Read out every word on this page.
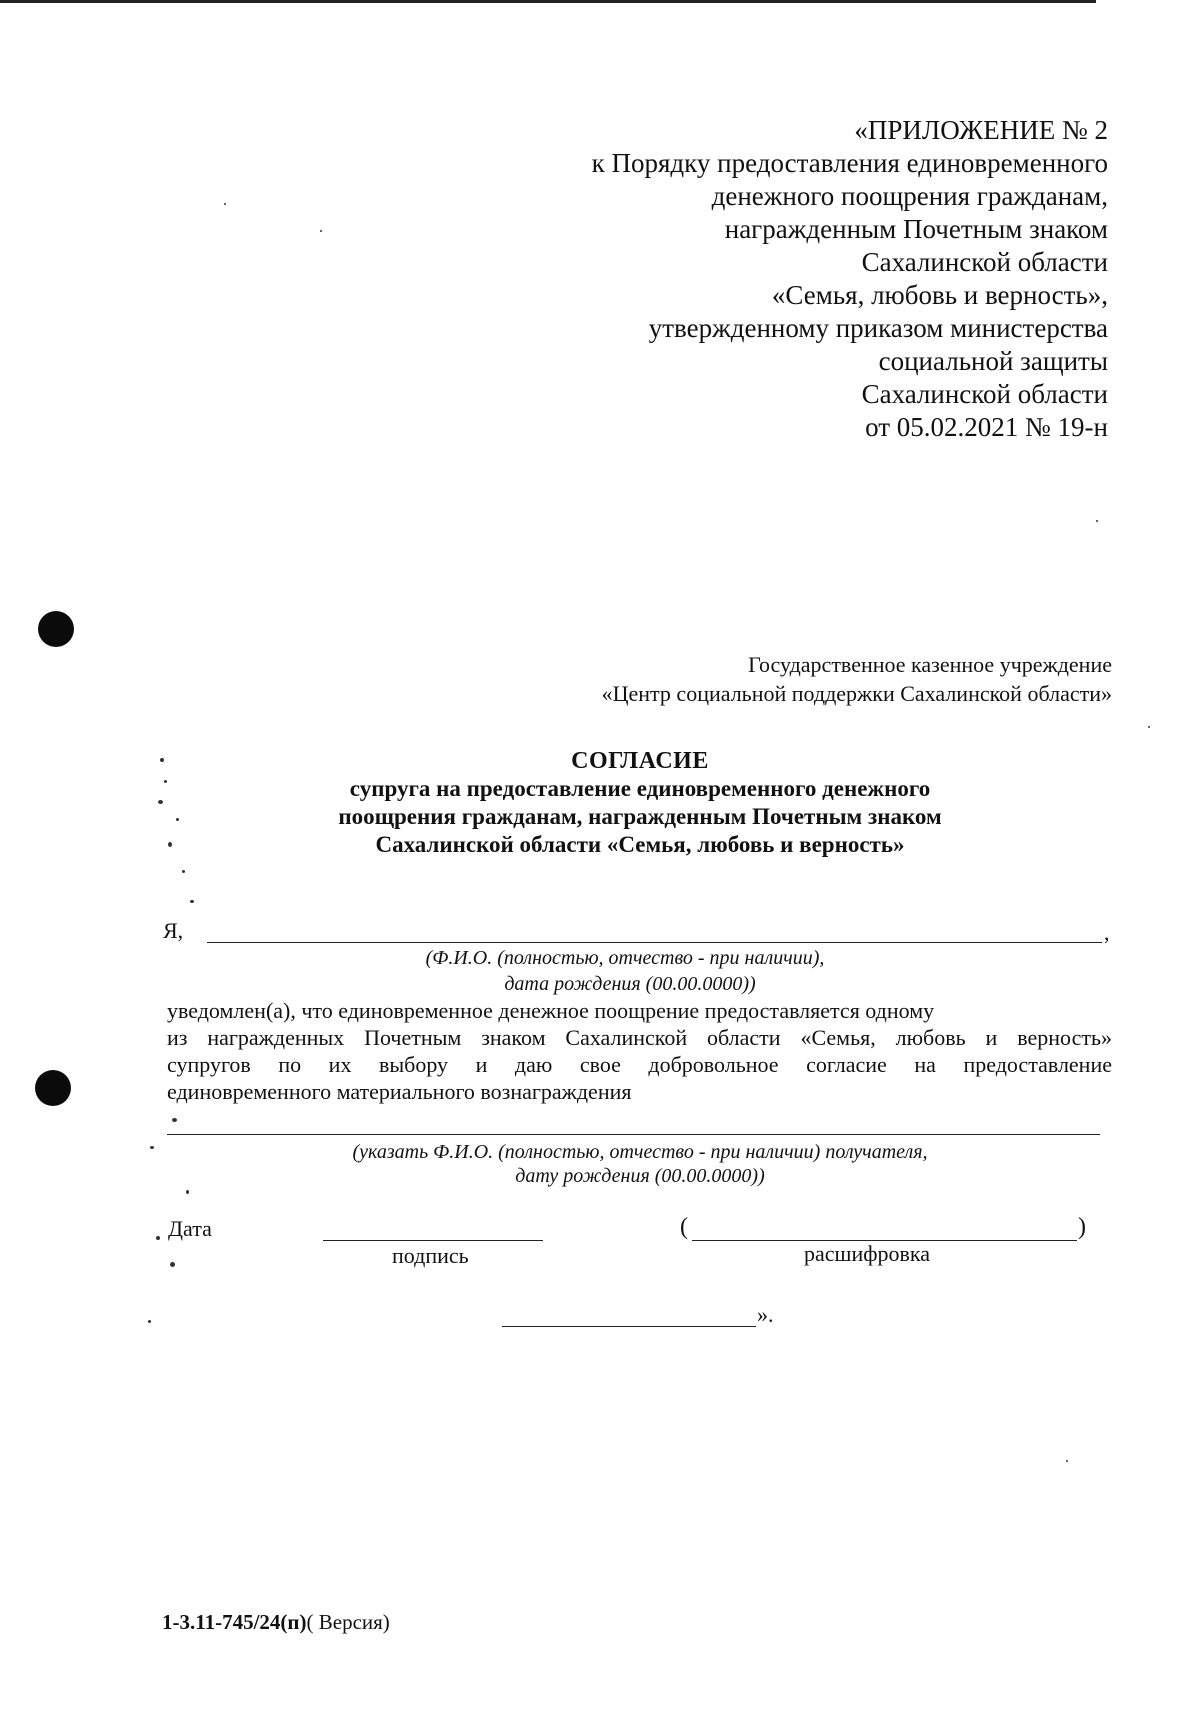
«ПРИЛОЖЕНИЕ № 2
к Порядку предоставления единовременного
денежного поощрения гражданам,
награжденным Почетным знаком
Сахалинской области
«Семья, любовь и верность»,
утвержденному приказом министерства
социальной защиты
Сахалинской области
от 05.02.2021 № 19-н
Государственное казенное учреждение
«Центр социальной поддержки Сахалинской области»
СОГЛАСИЕ
супруга на предоставление единовременного денежного
поощрения гражданам, награжденным Почетным знаком
Сахалинской области «Семья, любовь и верность»
Я,	,
(Ф.И.О. (полностью, отчество - при наличии),
дата рождения (00.00.0000))
уведомлен(а), что единовременное денежное поощрение предоставляется одному
из награжденных Почетным знаком Сахалинской области «Семья, любовь и верность»
супругов по их выбору и даю свое добровольное согласие на предоставление
единовременного материального вознаграждения
(указать Ф.И.О. (полностью, отчество - при наличии) получателя,
дату рождения (00.00.0000))
Дата
подпись
(	)
расшифровка
».
1-3.11-745/24(п)( Версия)
